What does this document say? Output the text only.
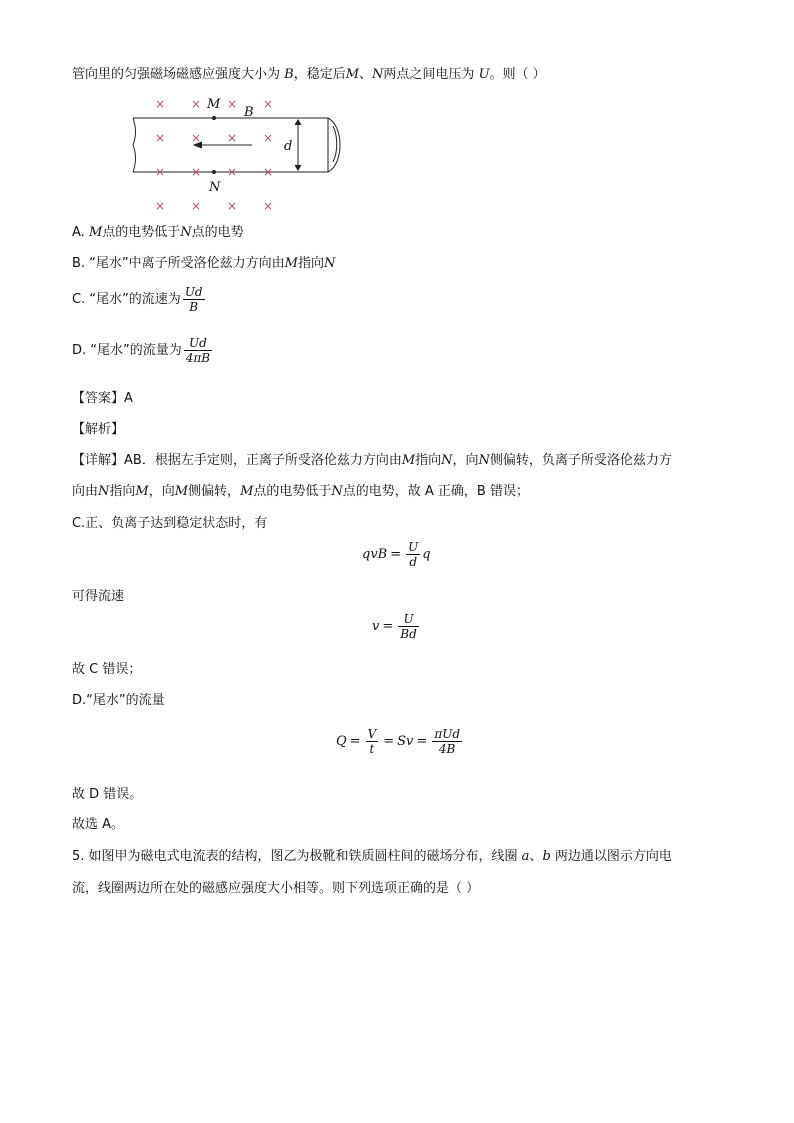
管向里的匀强磁场磁感应强度大小为 B，稳定后M、N两点之间电压为 U。则（ ）
× × × ×
× × × ×
× × × ×
× × × ×
M
B
d
N
A. M点的电势低于N点的电势
B. “尾水”中离子所受洛伦兹力方向由M指向N
C. “尾水”的流速为 $\frac{Ud}{B}$
D. “尾水”的流量为 $\frac{Ud}{4\pi B}$
【答案】A
【解析】
【详解】AB．根据左手定则，正离子所受洛伦兹力方向由M指向N，向N侧偏转，负离子所受洛伦兹力方
向由N指向M，向M侧偏转，M点的电势低于N点的电势，故 A 正确，B 错误；
C.正、负离子达到稳定状态时，有
qvB = $\frac{U}{d}$ q
可得流速
$v = \frac{U}{Bd}$
故 C 错误；
D.“尾水”的流量
$Q = \frac{V}{t} = Sv = \frac{\text{πUd}}{4B}$
故 D 错误。
故选 A。
5. 如图甲为磁电式电流表的结构，图乙为极靴和铁质圆柱间的磁场分布，线圈 a、b 两边通以图示方向电
流，线圈两边所在处的磁感应强度大小相等。则下列选项正确的是（ ）
